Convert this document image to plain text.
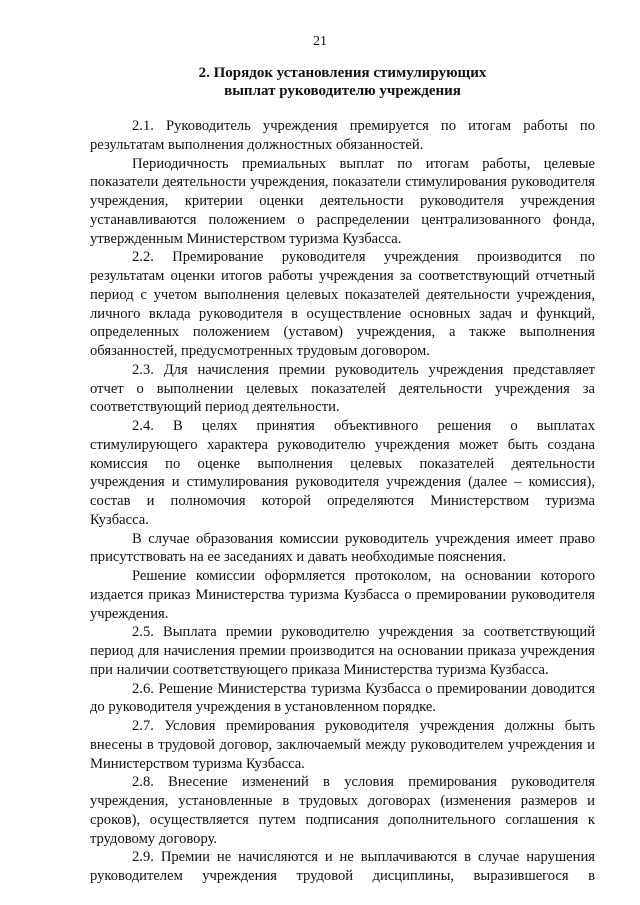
21
2. Порядок установления стимулирующих
выплат руководителю учреждения

2.1. Руководитель учреждения премируется по итогам работы по результатам выполнения должностных обязанностей.

Периодичность премиальных выплат по итогам работы, целевые показатели деятельности учреждения, показатели стимулирования руководителя учреждения, критерии оценки деятельности руководителя учреждения устанавливаются положением о распределении централизованного фонда, утвержденным Министерством туризма Кузбасса.

2.2. Премирование руководителя учреждения производится по результатам оценки итогов работы учреждения за соответствующий отчетный период с учетом выполнения целевых показателей деятельности учреждения, личного вклада руководителя в осуществление основных задач и функций, определенных положением (уставом) учреждения, а также выполнения обязанностей, предусмотренных трудовым договором.

2.3. Для начисления премии руководитель учреждения представляет отчет о выполнении целевых показателей деятельности учреждения за соответствующий период деятельности.

2.4. В целях принятия объективного решения о выплатах
стимулирующего характера руководителю учреждения может быть создана
комиссия по оценке выполнения целевых показателей деятельности
учреждения и стимулирования руководителя учреждения (далее – комиссия),
состав и полномочия которой определяются Министерством туризма
Кузбасса.
В случае образования комиссии руководитель учреждения имеет право
присутствовать на ее заседаниях и давать необходимые пояснения.

Решение комиссии оформляется протоколом, на основании которого издается приказ Министерства туризма Кузбасса о премировании руководителя учреждения.

2.5. Выплата премии руководителю учреждения за соответствующий период для начисления премии производится на основании приказа учреждения при наличии соответствующего приказа Министерства туризма Кузбасса.

2.6. Решение Министерства туризма Кузбасса о премировании доводится до руководителя учреждения в установленном порядке.

2.7. Условия премирования руководителя учреждения должны быть внесены в трудовой договор, заключаемый между руководителем учреждения и Министерством туризма Кузбасса.

2.8. Внесение изменений в условия премирования руководителя учреждения, установленные в трудовых договорах (изменения размеров и сроков), осуществляется путем подписания дополнительного соглашения к трудовому договору.

2.9. Премии не начисляются и не выплачиваются в случае нарушения
руководителем учреждения трудовой дисциплины, выразившегося в
